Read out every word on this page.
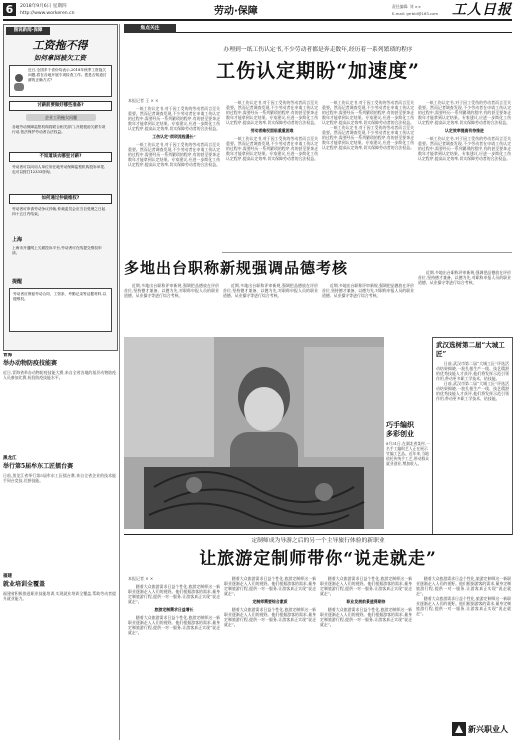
6	2018年9月6日 星期四
http://www.workeren.cn	劳动·保障	责任编辑: 刘 ××
E-mail: grrbld@163.com 工人日报
图说新闻·保障
工资拖不得
如何拿回被欠工资
近日,全国多个省份均表示,2018年秋季工资拖欠问题,将在各地开展专项检查工作。您是否知道讨薪的正确方式?
讨薪前要做好哪些准备?
企业工资拖欠问题
各地劳动保障监察机构将联合相关部门,开展根治欠薪专项行动,依法保护劳动者合法权益。
不知道该去哪里讨薪?
劳动者可以向用人单位所在地劳动保障监察机构投诉举报,也可以拨打12333咨询。
如何通过仲裁维权?
劳动者可申请劳动争议仲裁,仲裁委员会应当自受理之日起四十五日内结束。
上海
上海市开通网上欠薪投诉平台,劳动者可在线提交维权申请。
提醒
劳动者应保留劳动合同、工资条、考勤记录等证据材料,以便维权。
青海
举办动物防疫技能赛
近日,青海省举办动物防疫技能大赛,来自全省各地的基层动物防疫人员参加比赛,检验防疫技能水平。
黑龙江
举行第5届牟东工匠擂台赛
日前,黑龙江省举行第5届牟东工匠擂台赛,来自全省企业的技术能手同台竞技,比拼技能。
福建
就业培训全覆盖
福建省积极推进职业技能培训,实现就业培训全覆盖,帮助劳动者提升就业能力。
焦点关注
办理到一纸工伤认定书,不少劳动者都是奔走数年,经历着一系列繁琐的程序
工伤认定期盼“加速度”
本报记者 王 × ×

一纸工伤认定书,对于因工受伤的劳动者而言至关重要。然而记者调查发现,不少劳动者在申请工伤认定的过程中,需要经历一系列繁琐的程序,有的甚至要奔走数年才能拿到认定结果。专家建议,应进一步简化工伤认定程序,提高认定效率,切实保障劳动者的合法权益。

工伤认定“烦琐流程漫长”

一纸工伤认定书,对于因工受伤的劳动者而言至关重要。然而记者调查发现,不少劳动者在申请工伤认定的过程中,需要经历一系列繁琐的程序,有的甚至要奔走数年才能拿到认定结果。专家建议,应进一步简化工伤认定程序,提高认定效率,切实保障劳动者的合法权益。

一纸工伤认定书,对于因工受伤的劳动者而言至关重要。然而记者调查发现,不少劳动者在申请工伤认定的过程中,需要经历一系列繁琐的程序,有的甚至要奔走数年才能拿到认定结果。专家建议,应进一步简化工伤认定程序,提高认定效率,切实保障劳动者的合法权益。

劳动者维权面临重重困难

一纸工伤认定书,对于因工受伤的劳动者而言至关重要。然而记者调查发现,不少劳动者在申请工伤认定的过程中,需要经历一系列繁琐的程序,有的甚至要奔走数年才能拿到认定结果。专家建议,应进一步简化工伤认定程序,提高认定效率,切实保障劳动者的合法权益。

一纸工伤认定书,对于因工受伤的劳动者而言至关重要。然而记者调查发现,不少劳动者在申请工伤认定的过程中,需要经历一系列繁琐的程序,有的甚至要奔走数年才能拿到认定结果。专家建议,应进一步简化工伤认定程序,提高认定效率,切实保障劳动者的合法权益。

一纸工伤认定书,对于因工受伤的劳动者而言至关重要。然而记者调查发现,不少劳动者在申请工伤认定的过程中,需要经历一系列繁琐的程序,有的甚至要奔走数年才能拿到认定结果。专家建议,应进一步简化工伤认定程序,提高认定效率,切实保障劳动者的合法权益。

一纸工伤认定书,对于因工受伤的劳动者而言至关重要。然而记者调查发现,不少劳动者在申请工伤认定的过程中,需要经历一系列繁琐的程序,有的甚至要奔走数年才能拿到认定结果。专家建议,应进一步简化工伤认定程序,提高认定效率,切实保障劳动者的合法权益。

认定效率提高有待推进

一纸工伤认定书,对于因工受伤的劳动者而言至关重要。然而记者调查发现,不少劳动者在申请工伤认定的过程中,需要经历一系列繁琐的程序,有的甚至要奔走数年才能拿到认定结果。专家建议,应进一步简化工伤认定程序,提高认定效率,切实保障劳动者的合法权益。

多地出台职称新规强调品德考核

近期,多地出台职称评审新规,强调把品德放在评价首位,坚持德才兼备、以德为先,对职称申报人员的职业道德、从业操守等进行综合考核。

近期,多地出台职称评审新规,强调把品德放在评价首位,坚持德才兼备、以德为先,对职称申报人员的职业道德、从业操守等进行综合考核。

近期,多地出台职称评审新规,强调把品德放在评价首位,坚持德才兼备、以德为先,对职称申报人员的职业道德、从业操守等进行综合考核。

近期,多地出台职称评审新规,强调把品德放在评价首位,坚持德才兼备、以德为先,对职称申报人员的职业道德、从业操守等进行综合考核。

巧手编织
多彩创业
8月31日,在湖北省某村,一名手工编织艺人正在展示竹编工艺品。近年来,当地依托传统手工艺,带动群众就业创业,增加收入。
武汉选树第二届“大城工匠”

日前,武汉市第二届“大城工匠”评选活动结果揭晓,一批扎根生产一线、技艺精湛的优秀技能人才获评,他们将发挥示范引领作用,带动更多职工学技术、钻技能。

日前,武汉市第二届“大城工匠”评选活动结果揭晓,一批扎根生产一线、技艺精湛的优秀技能人才获评,他们将发挥示范引领作用,带动更多职工学技术、钻技能。

定制师成为导游之后的另一个主导旅行体验的新职业
让旅游定制师带你“说走就走”
本报记者 × ×

随着大众旅游需求日益个性化,旅游定制师这一新职业逐渐走入人们的视野。他们根据游客的需求,量身定制旅游行程,提供一对一服务,让游客真正实现“说走就走”。

旅游定制需求日益增长

随着大众旅游需求日益个性化,旅游定制师这一新职业逐渐走入人们的视野。他们根据游客的需求,量身定制旅游行程,提供一对一服务,让游客真正实现“说走就走”。

随着大众旅游需求日益个性化,旅游定制师这一新职业逐渐走入人们的视野。他们根据游客的需求,量身定制旅游行程,提供一对一服务,让游客真正实现“说走就走”。

定制师需要综合素质

随着大众旅游需求日益个性化,旅游定制师这一新职业逐渐走入人们的视野。他们根据游客的需求,量身定制旅游行程,提供一对一服务,让游客真正实现“说走就走”。

随着大众旅游需求日益个性化,旅游定制师这一新职业逐渐走入人们的视野。他们根据游客的需求,量身定制旅游行程,提供一对一服务,让游客真正实现“说走就走”。

职业发展前景值得期待

随着大众旅游需求日益个性化,旅游定制师这一新职业逐渐走入人们的视野。他们根据游客的需求,量身定制旅游行程,提供一对一服务,让游客真正实现“说走就走”。

随着大众旅游需求日益个性化,旅游定制师这一新职业逐渐走入人们的视野。他们根据游客的需求,量身定制旅游行程,提供一对一服务,让游客真正实现“说走就走”。

随着大众旅游需求日益个性化,旅游定制师这一新职业逐渐走入人们的视野。他们根据游客的需求,量身定制旅游行程,提供一对一服务,让游客真正实现“说走就走”。

新兴职业人
